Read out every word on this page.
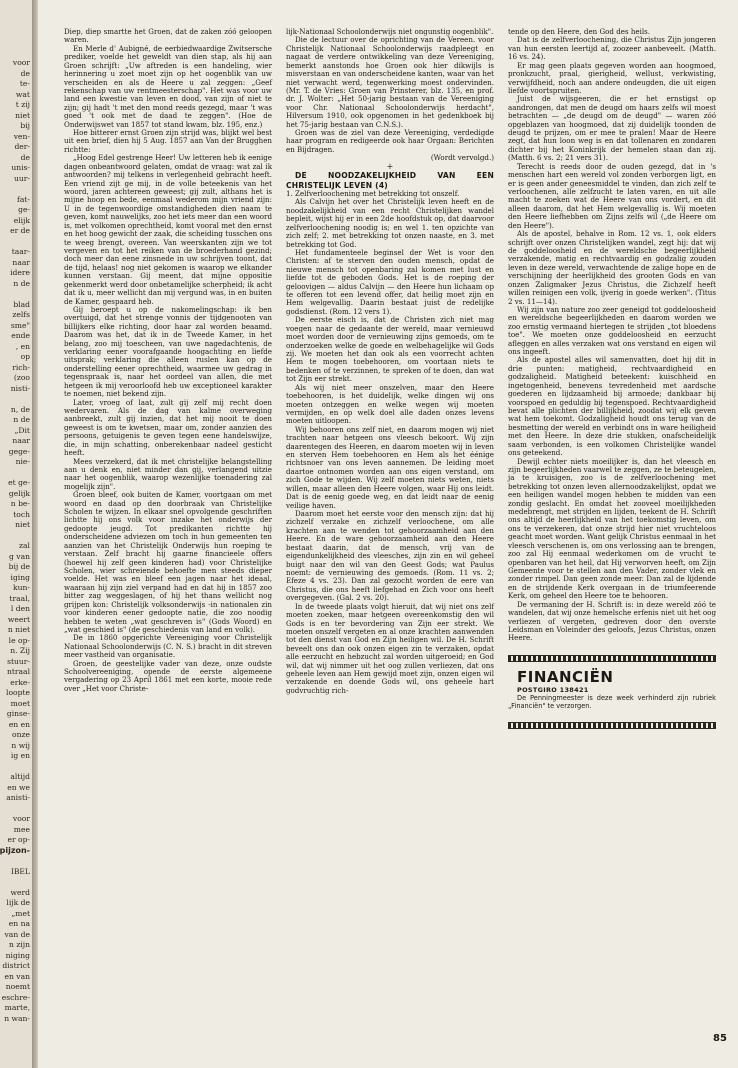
voor
de
te-
wat
t zij
niet
bij
ven-
der-
de
unis-
uur-
fat-
ge-
elijk
er de
taar-
naar
idere
n de
blad
zelfs
sme"
ende
, en
op
rich-
(zoo
nisti-
n, de
n de
„Dit
naar
gege-
nie-
et ge-
gelijk
n be-
toch
niet
zal
g van
bij de
iging
kun-
traal,
l den
weert
n niet
le op-
n. Zij
stuur-
ntraal
erke-
loopte
moet
ginse-
en en
onze
n wij
ig en
altijd
en we
anisti-
voor
mee
er op-
pijzon-
IBEL
werd
lijk de
„met
en na
van de
n zijn
niging
district
en van
noemt
eschre-
marte,
n wan-

Diep, diep smartte het Groen, dat de zaken zóó geloopen waren.

En Merle d' Aubigné, de eerbiedwaardige Zwitsersche prediker, voelde het geweldt van dien stap, als hij aan Groen schrijft: „Uw aftreden is een handeling, wier herinnering u zoet moet zijn op het oogenblik van uw verscheiden en als de Heere u zal zeggen: „Geef rekenschap van uw rentmeesterschap". Het was voor uw land een kwestie van leven en dood, van zijn of niet te zijn; gij hadt 't met den mond reeds gezegd, maar 't was goed 't ook met de daad te zeggen". (Hoe de Onderwijswet van 1857 tot stand kwam, blz. 195, enz.)

Hoe bitterer ernst Groen zijn strijd was, blijkt wel best uit een brief, dien hij 5 Aug. 1857 aan Van der Brugghen richtte:

„Hoog Edel gestrenge Heer! Uw letteren heb ik eenige dagen onbeantwoord gelaten, omdat de vraag: wat zal ik antwoorden? mij telkens in verlegenheid gebracht heeft. Een vriend zijt ge mij, in de volle beteekenis van het woord, jaren achtereen geweest; gij zult, althans het is mijne hoop en bede, eenmaal wederom mijn vriend zijn: U in de tegenwoordige omstandigheden dien naam te geven, komt nauwelijks, zoo het iets meer dan een woord is, met volkomen oprechtheid, komt vooral met den ernst en het hoog gewicht der zaak, die scheiding tusschen ons te weeg brengt, overeen. Van weerskanten zijn we tot vergeven en tot het reiken van de broederhand gezind; doch meer dan eene zinsnede in uw schrijven toont, dat de tijd, helaas! nog niet gekomen is waarop we elkander kunnen verstaan. Gij meent, dat mijne oppositie gekenmerkt werd door onbetamelijke scherpheid; ik acht dat ik u, meer wellicht dan mij vergund was, in en buiten de Kamer, gespaard heb.

Gij beroept u op de nakomelingschap: ik ben overtuigd, dat het strenge vonnis der tijdgenooten van billijkers elke richting, door haar zal worden beaamd. Daarom was het, dat ik in de Tweede Kamer, in het belang, zoo mij toescheen, van uwe nagedachtenis, de verklaring eener voorafgaande hoogachting en liefde uitsprak; verklaring die alleen ruslen kan op de onderstelling eener oprechtheid, waarmee uw gedrag in tegenspraak is, naar het oordeel van allen, die met hetgeen ik mij veroorloofd heb uw exceptioneel karakter te noemen, niet bekend zijn.

Later, vroeg of laat, zult gij zelf mij recht doen wedervaren. Als de dag van kalme overweging aanbreekt, zult gij inzien, dat het mij nooit te doen geweest is om te kwetsen, maar om, zonder aanzien des persoons, getuigenis te geven tegen eene handelswijze, die, in mijn schatting, onberekenbaar nadeel gestiсht heeft.

Mees verzekerd, dat ik met christelijke belangstelling aan u denk en, niet minder dan gij, verlangend uitzie naar het oogenblik, waarop wezenlijke toenadering zal mogelijk zijn".

Groen bleef, ook buiten de Kamer, voortgaan om met woord en daad op den doorbraak van Christelijke Scholen te wijzen. In elkaar snel opvolgende geschriften lichtte hij ons volk voor inzake het onderwijs der gedoopte jeugd. Tot predikanten richtte hij onderscheidene adviezen om toch in hun gemeenten ten aanzien van het Christelijk Onderwijs hun roeping te verstaan. Zelf bracht hij gaarne financieele offers (hoewel hij zelf geen kinderen had) voor Christelijke Scholen, wier schreiende behoefte men steeds dieper voelde. Het was en bleef een jagen naar het ideaal, waaraan hij zijn ziel verpand had en dat hij in 1857 zoo bitter zag weggeslagen, of hij het thans wellicht nog grijpen kon: Christelijk volksonderwijs -in nationalen zin voor kinderen eener gedoopte natie, die zoo noodig hebben te weten „wat geschreven is" (Gods Woord) en „wat geschied is" (de geschiedenis van land en volk).

De in 1860 opgerichte Vereeniging voor Christelijk Nationaal Schoolonderwijs (C. N. S.) bracht in dit streven meer vastheid van organisatie.

Groen, de geestelijke vader van deze, onze oudste Schoolvereeniging, opende de eerste algemeene vergadering op 23 April 1861 met een korte, mooie rede over „Het voor Christe-

lijk-Nationaal Schoolonderwijs niet ongunstig oogenblik".

Die de lectuur over de oprichting van de Vereen. voor Christelijk Nationaal Schoolonderwijs raadpleegt en nagaat de verdere ontwikkeling van deze Vereeniging, bemerkt aanstonds hoe Groen ook hier dikwijls is misverstaan en van onderscheidene kanten, waar van het niet verwacht werd, tegenwerking moest ondervinden. (Mr. T. de Vries: Groen van Prinsterer, blz. 135, en prof. dr. J. Wolter: „Het 50-jarig bestaan van de Vereeniging voor Chr. Nationaal Schoolonderwijs herdacht", Hilversum 1910, ook opgenomen in het gedenkboek bij het 75-jarig bestaan van C.N.S.).

Groen was de ziel van deze Vereeniging, verdedigde haar program en redigeerde ook haar Orgaan: Berichten en Bijdragen.

(Wordt vervolgd.)

+

DE NOODZAKELIJKHEID VAN EEN CHRISTELIJK LEVEN (4)

1. Zelfverloochening met betrekking tot onszelf.

Als Calvijn het over het Christelijk leven heeft en de noodzakelijkheid van een recht Christelijken wandel bepleit, wijst hij er in een 2de hoofdstuk op, dat daarvoor zelfverloochening noodig is; en wel 1. ten opzichte van zich zelf; 2. met betrekking tot onzen naaste, en 3. met betrekking tot God.

Het fundamenteele beginsel der Wet is voor den Christen: af te sterven den ouden mensch, opdat de nieuwe mensch tot openbaring zal komen met lust en liefde tot de geboden Gods. Het is de roeping der geloovigen — aldus Calvijn — den Heere hun lichaam op te offeren tot een levend offer, dat heilig moet zijn en Hem welgevallig. Daarin bestaat juist de redelijke godsdienst. (Rom. 12 vers 1).

De eerste eisch is, dat de Christen zich niet mag voegen naar de gedaante der wereld, maar vernieuwd moet worden door de vernieuwing zijns gemoeds, om te onderzoeken welke de goede en welbehagelijke wil Gods zij. We moeten het dan ook als een voorrecht achten Hem te mogen toebehooren, om voortaan niets te bedenken of te verzinnen, te spreken of te doen, dan wat tot Zijn eer strekt.

Als wij niet meer onszelven, maar den Heere toebehooren, is het duidelijk, welke dingen wij ons moeten ontzeggen en welke wegen wij moeten vermijden, en op welk doel alle daden onzes levens moeten uitloopen.

Wij behooren ons zelf niet, en daarom mogen wij niet trachten naar hetgeen ons vleesch bekoort. Wij zijn daarentegen des Heeren, en daarom moeten wij in leven en sterven Hem toebehooren en Hem als het éénige richtsnoer van ons leven aannemen. De leiding moet daartoe ontnomen worden aan ons eigen verstand, om zich Gode te wijden. Wij zelf moeten niets weten, niets willen, maar alleen den Heere volgen, waar Hij ons leidt. Dat is de eenig goede weg, en dat leidt naar de eenig veilige haven.

Daarom moet het eerste voor den mensch zijn: dat hij zichzelf verzake en zichzelf verloochene, om alle krachten aan te wenden tot gehoorzaamheid aan den Heere. En de ware gehoorzaamheid aan den Heere bestaat daarin, dat de mensch, vrij van de eigendunkelijkheid des vleesches, zijn zin en wil geheel buigt naar den wil van den Geest Gods; wat Paulus noemt: de vernieuwing des gemoeds. (Rom. 11 vs. 2; Efeze 4 vs. 23). Dan zal gezocht worden de eere van Christus, die ons heeft liefgehad en Zich voor ons heeft overgegeven. (Gal. 2 vs. 20).

In de tweede plaats volgt hieruit, dat wij niet ons zelf moeten zoeken, maar hetgeen overeenkomstig den wil Gods is en ter bevordering van Zijn eer strekt. We moeten onszelf vergeten en al onze krachten aanwenden tot den dienst van God en Zijn heiligen wil. De H. Schrift beveelt ons dan ook onzen eigen zin te verzaken, opdat alle eerzucht en hebzucht zal worden uitgeroeid; en God wil, dat wij nimmer uit het oog zullen verliezen, dat ons geheele leven aan Hem gewijd moet zijn, onzen eigen wil verzakende en doende Gods wil, ons geheele hart godvruchtig rich-

tende op den Heere, den God des heils.

Dat is de zelfverloochening, die Christus Zijn jongeren van hun eersten leertijd af, zoozeer aanbeveelt. (Matth. 16 vs. 24).

Er mag geen plaats gegeven worden aan hoogmoed, pronkzucht, praal, gierigheid, wellust, verkwisting, verwijfdheid, noch aan andere ondeugden, die uit eigen liefde voortspruiten.

Juist de wijsgeeren, die er het ernstigst op aandrongen, dat men de deugd om haars zelfs wil moest betrachten — „de deugd om de deugd" — waren zóó opgeblazen van hoogmoed, dat zij duidelijk toonden de deugd te prijzen, om er mee te pralen! Maar de Heere zegt, dat hun loon weg is en dat tollenaren en zondaren dichter bij het Koninkrijk der hemelen staan dan zij. (Matth. 6 vs. 2; 21 vers 31).

Terecht is reeds door de ouden gezegd, dat in 's menschen hart een wereld vol zonden verborgen ligt, en er is geen ander geneesmiddel te vinden, dan zich zelf te verloochenen, alle zelfzucht te laten varen, en uit alle macht te zoeken wat de Heere van ons vordert, en dit alleen daarom, dat het Hem welgevallig is. Wij moeten den Heere liefhebben om Zijns zelfs wil („de Heere om den Heere").

Als de apostel, behalve in Rom. 12 vs. 1, ook elders schrijft over onzen Christelijken wandel, zegt hij: dat wij de goddeloosheid en de wereldsche begeerlijkheid verzakende, matig en rechtvaardig en godzalig zouden leven in deze wereld, verwachtende de zalige hope en de verschijning der heerlijkheid des grooten Gods en van onzen Zaligmaker Jezus Christus, die Zichzelf heeft willen reinigen een volk, ijverig in goede werken". (Titus 2 vs. 11—14).

Wij zijn van nature zoo zeer geneigd tot goddeloosheid en wereldsche begeerlijkheden en daarom worden we zoo ernstig vermaand hiertegen te strijden „tot bloedens toe". We moeten onze goddeloosheid en eerzucht afleggen en alles verzaken wat ons verstand en eigen wil ons ingeeft.

Als de apostel alles wil samenvatten, doet hij dit in drie punten: matigheid, rechtvaardigheid en godzaligheid. Matigheid beteekent: kuischheid en ingetogenheid, benevens tevredenheid met aardsche goederen en lijdzaamheid bij armoede; dankbaar bij voorspoed en geduldig bij tegenspoed. Rechtvaardigheid bevat alle plichten der billijkheid, zoodat wij elk geven wat hem toekomt. Godzaligheid houdt ons terug van de besmetting der wereld en verbindt ons in ware heiligheid met den Heere. In deze drie stukken, onafscheidelijk saam verbonden, is een volkomen Christelijke wandel ons geteekend.

Dewijl echter niets moeilijker is, dan het vleesch en zijn begeerlijkheden vaarwel te zeggen, ze te beteugelen, ja te kruisigen, zoo is de zelfverloochening met betrekking tot onzen leven allernoodzakelijkst, opdat we een heiligen wandel mogen hebben te midden van een zondig geslacht. En omdat het zooveel moeilijkheden medebrengt, met strijden en lijden, teekent de H. Schrift ons altijd de heerlijkheid van het toekomstig leven, om ons te verzekeren, dat onze strijd hier niet vruchteloos geacht moet worden. Want gelijk Christus eenmaal in het vleesch verschenen is, om ons verlossing aan te brengen, zoo zal Hij eenmaal wederkomen om de vrucht te openbaren van het heil, dat Hij verworven heeft, om Zijn Gemeente voor te stellen aan den Vader, zonder vlek en zonder rimpel. Dan geen zonde meer. Dan zal de lijdende en de strijdende Kerk overgaan in de triumfeerende Kerk, om geheel den Heere toe te behooren.

De vermaning der H. Schrift is: in deze wereld zóó te wandelen, dat wij onze hemelsche erfenis niet uit het oog verliezen of vergeten, gedreven door den overste Leidsman en Voleinder des geloofs, Jezus Christus, onzen Heere.

FINANCIËN

POSTGIRO 138421

De Penningmeester is deze week verhinderd zijn rubriek „Financiën" te verzorgen.

85
